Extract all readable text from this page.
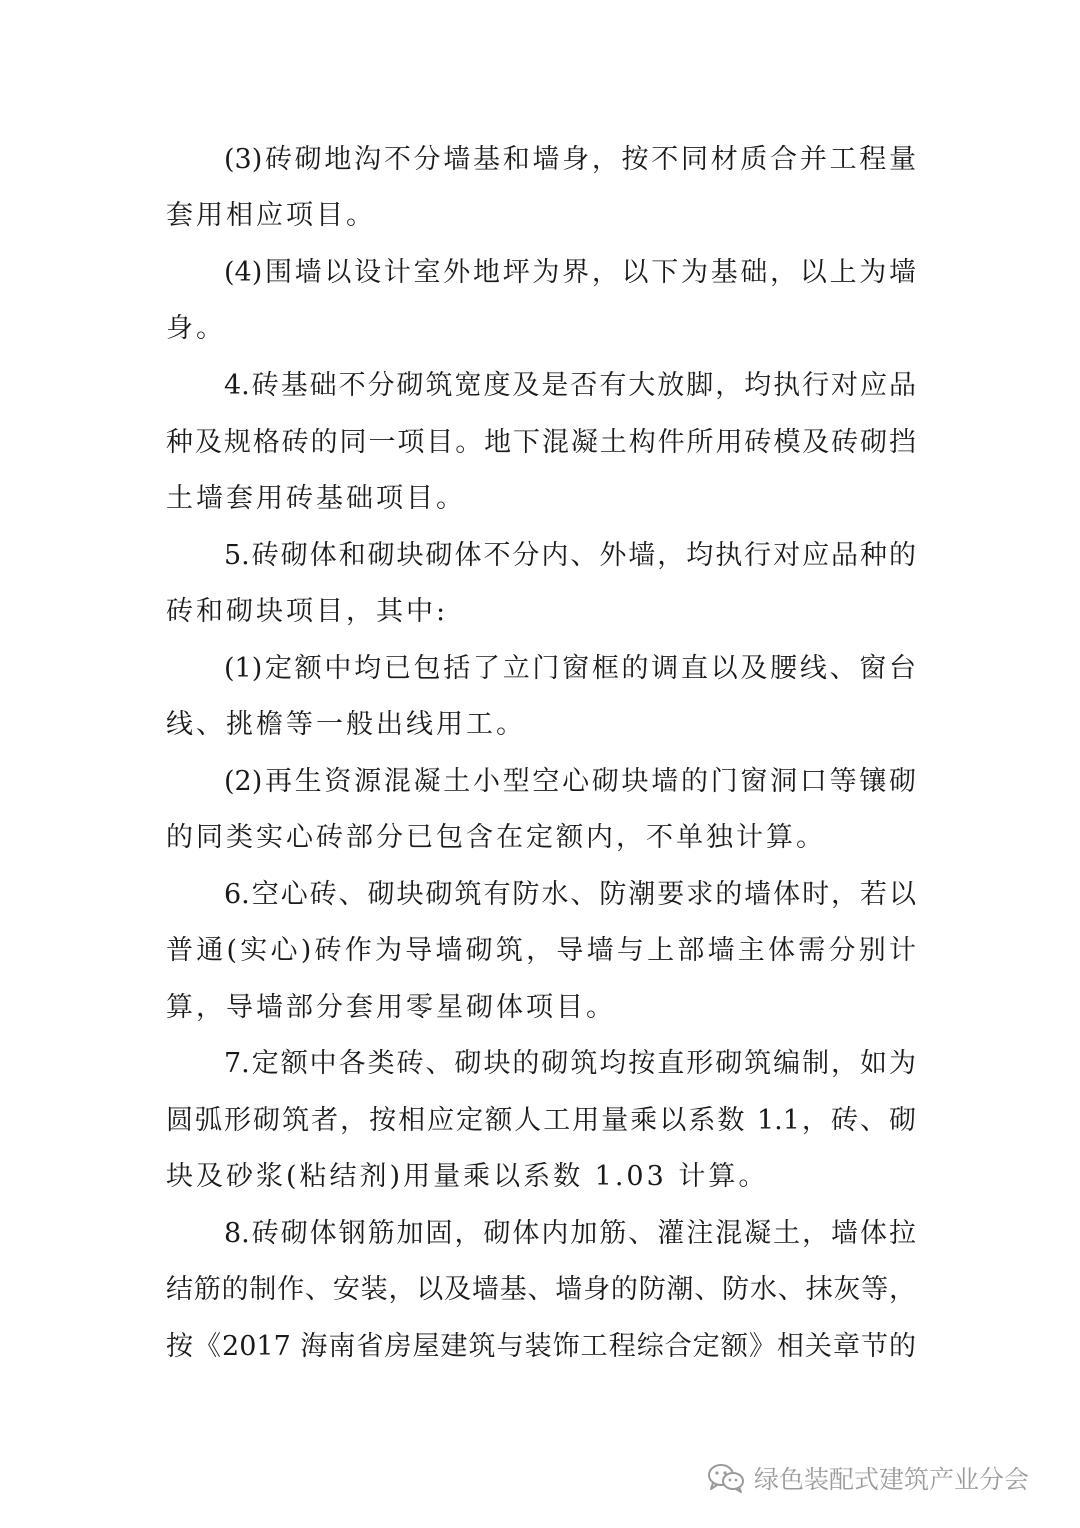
(3)砖砌地沟不分墙基和墙身，按不同材质合并工程量
套用相应项目。
(4)围墙以设计室外地坪为界，以下为基础，以上为墙
身。
4.砖基础不分砌筑宽度及是否有大放脚，均执行对应品
种及规格砖的同一项目。地下混凝土构件所用砖模及砖砌挡
土墙套用砖基础项目。
5.砖砌体和砌块砌体不分内、外墙，均执行对应品种的
砖和砌块项目，其中:
(1)定额中均已包括了立门窗框的调直以及腰线、窗台
线、挑檐等一般出线用工。
(2)再生资源混凝土小型空心砌块墙的门窗洞口等镶砌
的同类实心砖部分已包含在定额内，不单独计算。
6.空心砖、砌块砌筑有防水、防潮要求的墙体时，若以
普通(实心)砖作为导墙砌筑，导墙与上部墙主体需分别计
算，导墙部分套用零星砌体项目。
7.定额中各类砖、砌块的砌筑均按直形砌筑编制，如为
圆弧形砌筑者，按相应定额人工用量乘以系数 1.1，砖、砌
块及砂浆(粘结剂)用量乘以系数 1.03 计算。
8.砖砌体钢筋加固，砌体内加筋、灌注混凝土，墙体拉
结筋的制作、安装，以及墙基、墙身的防潮、防水、抹灰等，
按《2017 海南省房屋建筑与装饰工程综合定额》相关章节的
绿色装配式建筑产业分会
